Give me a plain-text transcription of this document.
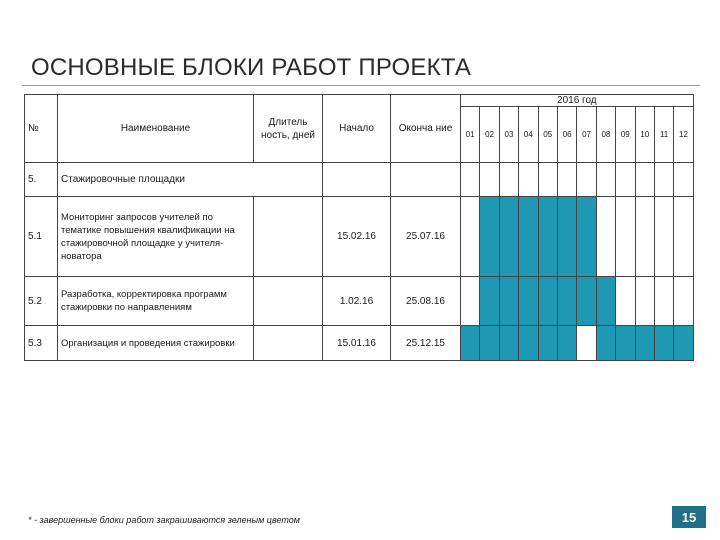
ОСНОВНЫЕ БЛОКИ РАБОТ ПРОЕКТА
№	Наименование	Длитель ность, дней	Начало	Оконча ние	2016 год											
					01	02	03	04	05	06	07	08	09	10	11	12
5.	Стажировочные площадки															
5.1	Мониторинг запросов учителей по тематике повышения квалификации на стажировочной площадке у учителя-новатора		15.02.16	25.07.16												
5.2	Разработка, корректировка программ стажировки по направлениям		1.02.16	25.08.16												
5.3	Организация и проведения стажировки		15.01.16	25.12.15												
* - завершенные блоки работ закрашиваются зеленым цветом	15
